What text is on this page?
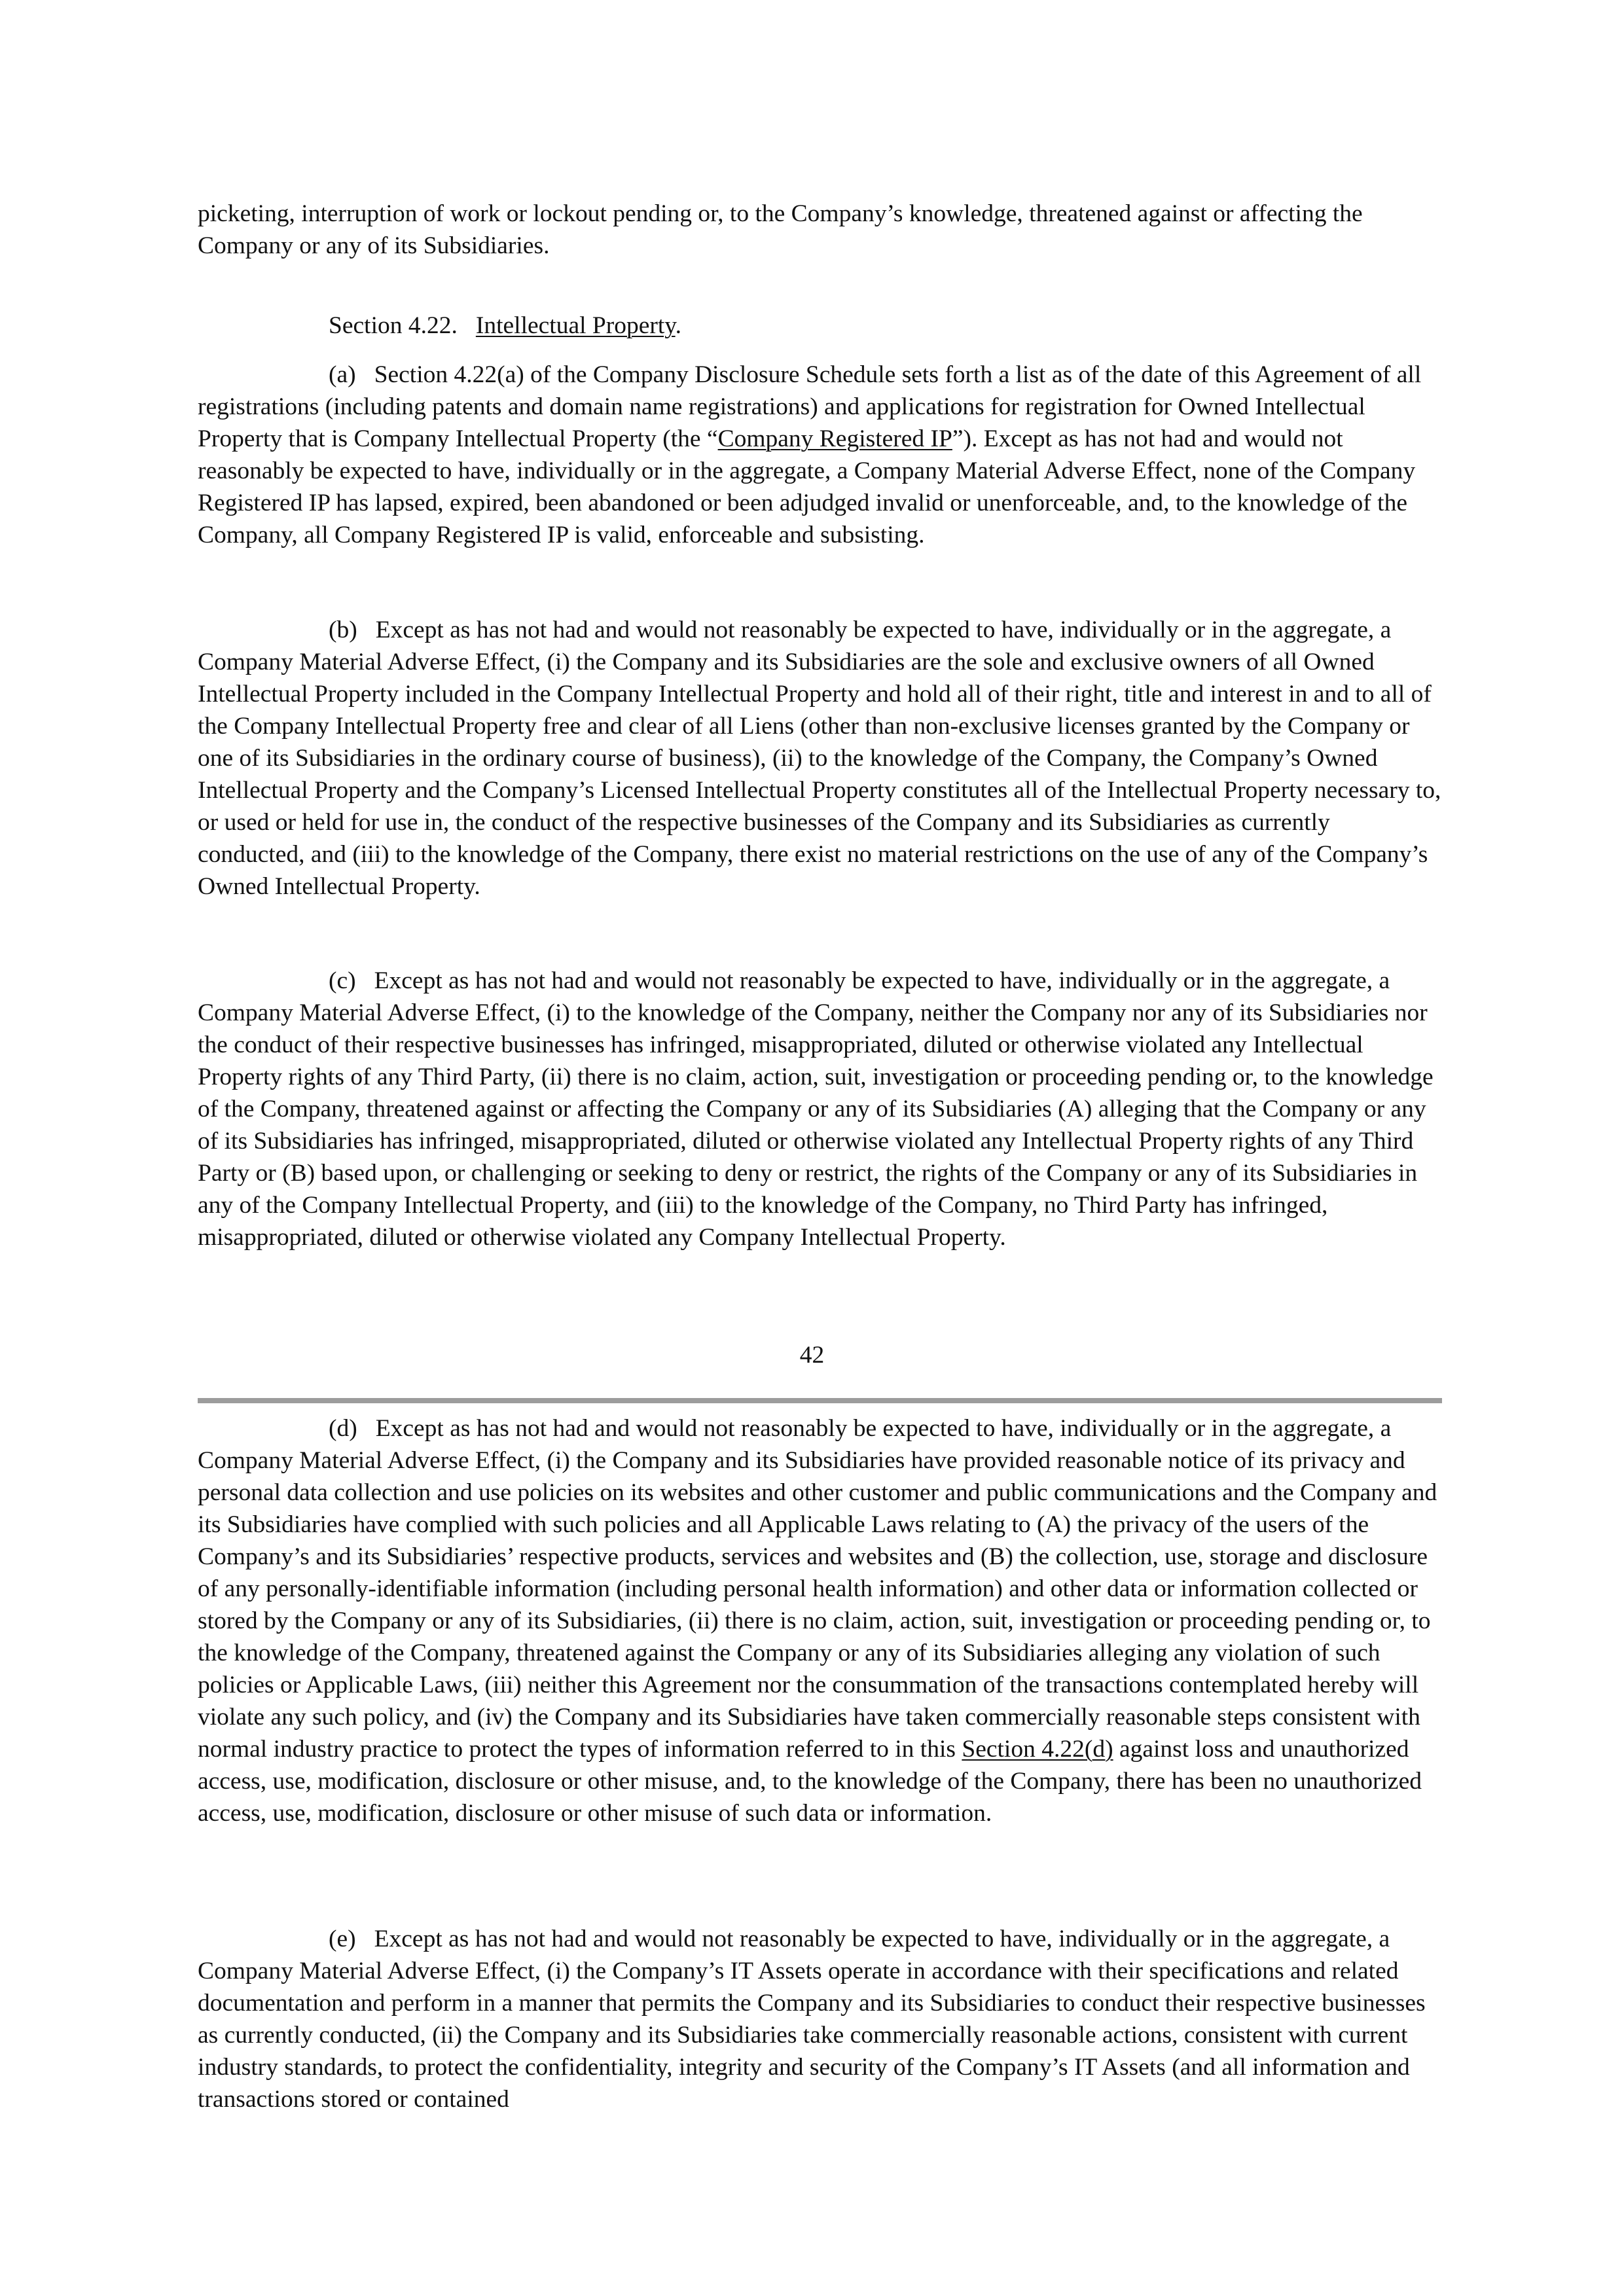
picketing, interruption of work or lockout pending or, to the Company’s knowledge, threatened against or affecting the Company or any of its Subsidiaries.

Section 4.22. Intellectual Property.

(a) Section 4.22(a) of the Company Disclosure Schedule sets forth a list as of the date of this Agreement of all registrations (including patents and domain name registrations) and applications for registration for Owned Intellectual Property that is Company Intellectual Property (the “Company Registered IP”). Except as has not had and would not reasonably be expected to have, individually or in the aggregate, a Company Material Adverse Effect, none of the Company Registered IP has lapsed, expired, been abandoned or been adjudged invalid or unenforceable, and, to the knowledge of the Company, all Company Registered IP is valid, enforceable and subsisting.

(b) Except as has not had and would not reasonably be expected to have, individually or in the aggregate, a Company Material Adverse Effect, (i) the Company and its Subsidiaries are the sole and exclusive owners of all Owned Intellectual Property included in the Company Intellectual Property and hold all of their right, title and interest in and to all of the Company Intellectual Property free and clear of all Liens (other than non-exclusive licenses granted by the Company or one of its Subsidiaries in the ordinary course of business), (ii) to the knowledge of the Company, the Company’s Owned Intellectual Property and the Company’s Licensed Intellectual Property constitutes all of the Intellectual Property necessary to, or used or held for use in, the conduct of the respective businesses of the Company and its Subsidiaries as currently conducted, and (iii) to the knowledge of the Company, there exist no material restrictions on the use of any of the Company’s Owned Intellectual Property.

(c) Except as has not had and would not reasonably be expected to have, individually or in the aggregate, a Company Material Adverse Effect, (i) to the knowledge of the Company, neither the Company nor any of its Subsidiaries nor the conduct of their respective businesses has infringed, misappropriated, diluted or otherwise violated any Intellectual Property rights of any Third Party, (ii) there is no claim, action, suit, investigation or proceeding pending or, to the knowledge of the Company, threatened against or affecting the Company or any of its Subsidiaries (A) alleging that the Company or any of its Subsidiaries has infringed, misappropriated, diluted or otherwise violated any Intellectual Property rights of any Third Party or (B) based upon, or challenging or seeking to deny or restrict, the rights of the Company or any of its Subsidiaries in any of the Company Intellectual Property, and (iii) to the knowledge of the Company, no Third Party has infringed, misappropriated, diluted or otherwise violated any Company Intellectual Property.

42

(d) Except as has not had and would not reasonably be expected to have, individually or in the aggregate, a Company Material Adverse Effect, (i) the Company and its Subsidiaries have provided reasonable notice of its privacy and personal data collection and use policies on its websites and other customer and public communications and the Company and its Subsidiaries have complied with such policies and all Applicable Laws relating to (A) the privacy of the users of the Company’s and its Subsidiaries’ respective products, services and websites and (B) the collection, use, storage and disclosure of any personally-identifiable information (including personal health information) and other data or information collected or stored by the Company or any of its Subsidiaries, (ii) there is no claim, action, suit, investigation or proceeding pending or, to the knowledge of the Company, threatened against the Company or any of its Subsidiaries alleging any violation of such policies or Applicable Laws, (iii) neither this Agreement nor the consummation of the transactions contemplated hereby will violate any such policy, and (iv) the Company and its Subsidiaries have taken commercially reasonable steps consistent with normal industry practice to protect the types of information referred to in this Section 4.22(d) against loss and unauthorized access, use, modification, disclosure or other misuse, and, to the knowledge of the Company, there has been no unauthorized access, use, modification, disclosure or other misuse of such data or information.

(e) Except as has not had and would not reasonably be expected to have, individually or in the aggregate, a Company Material Adverse Effect, (i) the Company’s IT Assets operate in accordance with their specifications and related documentation and perform in a manner that permits the Company and its Subsidiaries to conduct their respective businesses as currently conducted, (ii) the Company and its Subsidiaries take commercially reasonable actions, consistent with current industry standards, to protect the confidentiality, integrity and security of the Company’s IT Assets (and all information and transactions stored or contained
